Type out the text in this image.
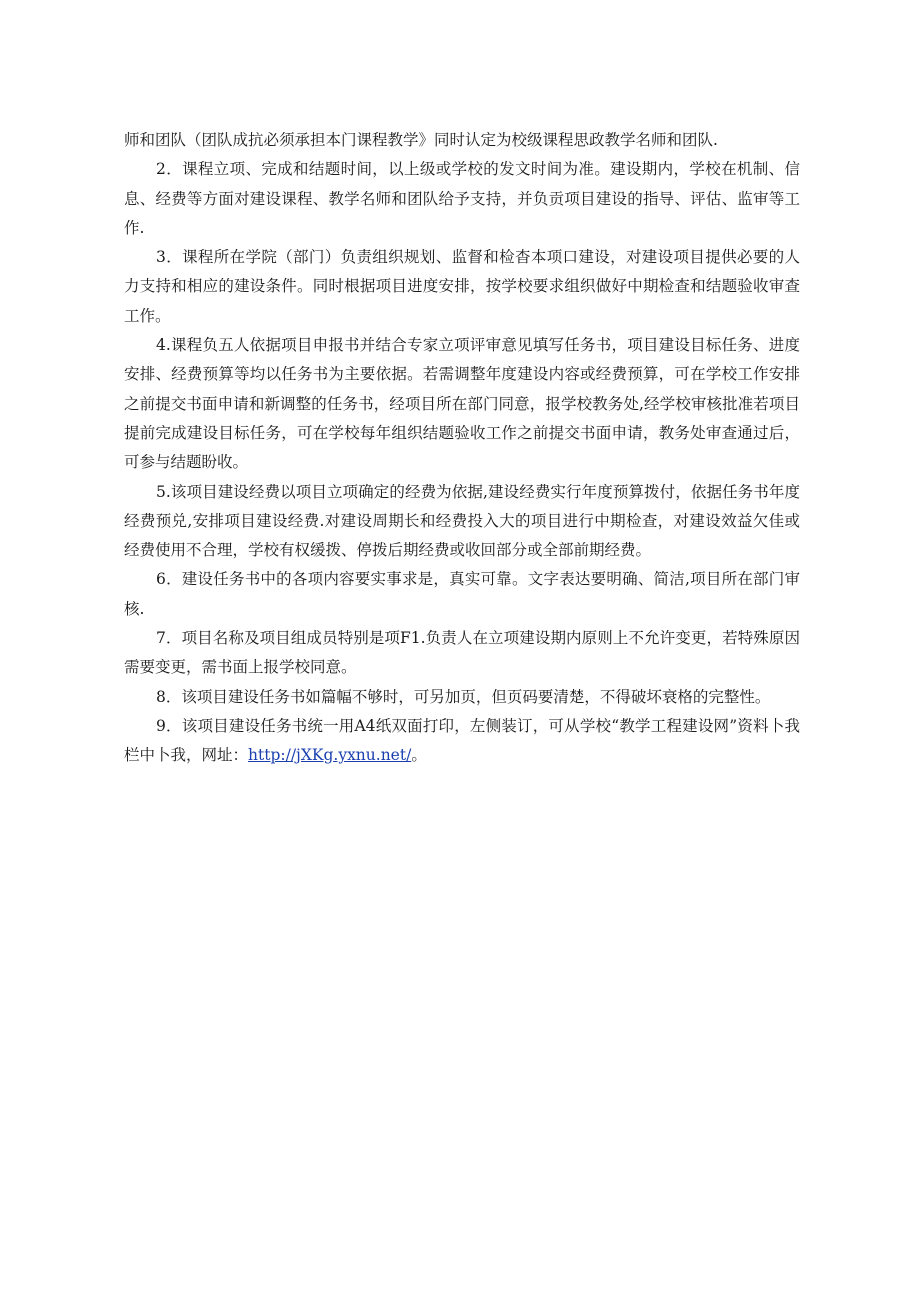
师和团队（团队成抗必须承担本门课程教学》同时认定为校级课程思政教学名师和团队.

2．课程立项、完成和结题时间，以上级或学校的发文时间为准。建设期内，学校在机制、信息、经费等方面对建设课程、教学名师和团队给予支持，并负贡项目建设的指导、评估、监审等工作.

3．课程所在学院（部门）负责组织规划、监督和检杳本项口建设，对建设项目提供必要的人力支持和相应的建设条件。同时根据项目进度安排，按学校要求组织做好中期检查和结题验收审查工作。

4.课程负五人依据项目申报书并结合专家立项评审意见填写任务书，项目建设目标任务、进度安排、经费预算等均以任务书为主要依据。若需调整年度建设内容或经费预算，可在学校工作安排之前提交书面申请和新调整的任务书，经项目所在部门同意，报学校教务处,经学校审核批准若项目提前完成建设目标任务，可在学校每年组织结题验收工作之前提交书面申请，教务处审查通过后，可参与结题盼收。

5.该项目建设经费以项目立项确定的经费为依据,建设经费实行年度预算拨付，依据任务书年度经费预兑,安排项目建设经费.对建设周期长和经费投入大的项目进行中期检查，对建设效益欠佳或经费使用不合理，学校有权缓拨、停拨后期经费或收回部分或全部前期经费。

6．建设任务书中的各项内容要实事求是，真实可靠。文字表达要明确、简洁,项目所在部门审核.

7．项目名称及项目组成员特别是项F1.负责人在立项建设期内原则上不允许变更，若特殊原因需要变更，需书面上报学校同意。

8．该项目建设任务书如篇幅不够时，可另加页，但页码要清楚，不得破坏衰格的完整性。

9．该项目建设任务书统一用A4纸双面打印，左侧装订，可从学校“教学工程建设网”资料卜我栏中卜我，网址：http://jXKg.yxnu.net/。
